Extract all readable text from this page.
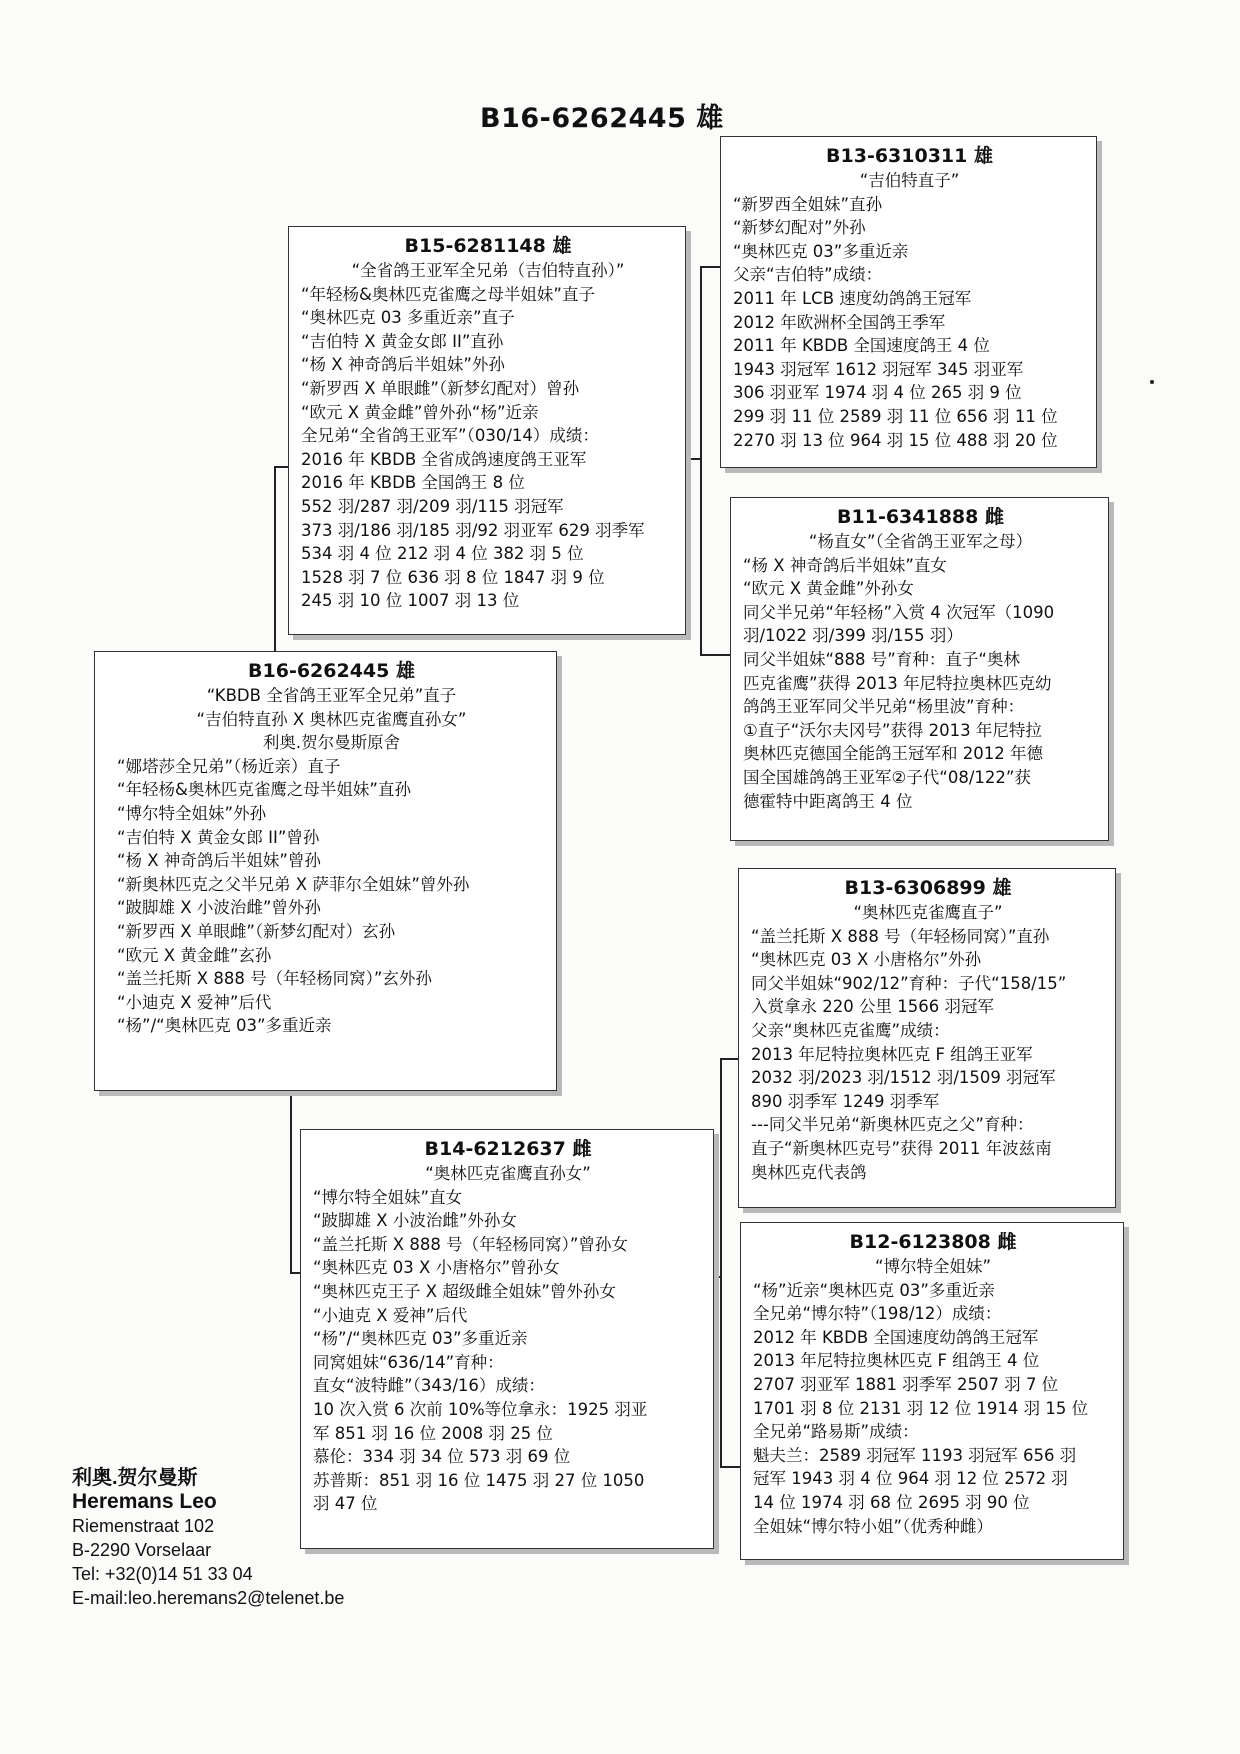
B16-6262445 雄
B16-6262445 雄
“KBDB 全省鸽王亚军全兄弟”直子
“吉伯特直孙 X 奥林匹克雀鹰直孙女”
利奥.贺尔曼斯原舍
“娜塔莎全兄弟”（杨近亲）直子
“年轻杨&奥林匹克雀鹰之母半姐妹”直孙
“博尔特全姐妹”外孙
“吉伯特 X 黄金女郎 II”曾孙
“杨 X 神奇鸽后半姐妹”曾孙
“新奥林匹克之父半兄弟 X 萨菲尔全姐妹”曾外孙
“跛脚雄 X 小波治雌”曾外孙
“新罗西 X 单眼雌”（新梦幻配对）玄孙
“欧元 X 黄金雌”玄孙
“盖兰托斯 X 888 号（年轻杨同窝）”玄外孙
“小迪克 X 爱神”后代
“杨”/“奥林匹克 03”多重近亲
B15-6281148 雄
“全省鸽王亚军全兄弟（吉伯特直孙）”
“年轻杨&奥林匹克雀鹰之母半姐妹”直子
“奥林匹克 03 多重近亲”直子
“吉伯特 X 黄金女郎 II”直孙
“杨 X 神奇鸽后半姐妹”外孙
“新罗西 X 单眼雌”（新梦幻配对）曾孙
“欧元 X 黄金雌”曾外孙“杨”近亲
全兄弟“全省鸽王亚军”（030/14）成绩：
2016 年 KBDB 全省成鸽速度鸽王亚军
2016 年 KBDB 全国鸽王 8 位
552 羽/287 羽/209 羽/115 羽冠军
373 羽/186 羽/185 羽/92 羽亚军 629 羽季军
534 羽 4 位 212 羽 4 位 382 羽 5 位
1528 羽 7 位 636 羽 8 位 1847 羽 9 位
245 羽 10 位 1007 羽 13 位
B14-6212637 雌
“奥林匹克雀鹰直孙女”
“博尔特全姐妹”直女
“跛脚雄 X 小波治雌”外孙女
“盖兰托斯 X 888 号（年轻杨同窝）”曾孙女
“奥林匹克 03 X 小唐格尔”曾孙女
“奥林匹克王子 X 超级雌全姐妹”曾外孙女
“小迪克 X 爱神”后代
“杨”/“奥林匹克 03”多重近亲
同窝姐妹“636/14”育种：
直女“波特雌”（343/16）成绩：
10 次入赏 6 次前 10%等位拿永：1925 羽亚
军 851 羽 16 位 2008 羽 25 位
慕伦：334 羽 34 位 573 羽 69 位
苏普斯：851 羽 16 位 1475 羽 27 位 1050
羽 47 位
B13-6310311 雄
“吉伯特直子”
“新罗西全姐妹”直孙
“新梦幻配对”外孙
“奥林匹克 03”多重近亲
父亲“吉伯特”成绩：
2011 年 LCB 速度幼鸽鸽王冠军
2012 年欧洲杯全国鸽王季军
2011 年 KBDB 全国速度鸽王 4 位
1943 羽冠军 1612 羽冠军 345 羽亚军
306 羽亚军 1974 羽 4 位 265 羽 9 位
299 羽 11 位 2589 羽 11 位 656 羽 11 位
2270 羽 13 位 964 羽 15 位 488 羽 20 位
B11-6341888 雌
“杨直女”（全省鸽王亚军之母）
“杨 X 神奇鸽后半姐妹”直女
“欧元 X 黄金雌”外孙女
同父半兄弟“年轻杨”入赏 4 次冠军（1090
羽/1022 羽/399 羽/155 羽）
同父半姐妹“888 号”育种：直子“奥林
匹克雀鹰”获得 2013 年尼特拉奥林匹克幼
鸽鸽王亚军同父半兄弟“杨里波”育种：
①直子“沃尔夫冈号”获得 2013 年尼特拉
奥林匹克德国全能鸽王冠军和 2012 年德
国全国雄鸽鸽王亚军②子代“08/122”获
德霍特中距离鸽王 4 位
B13-6306899 雄
“奥林匹克雀鹰直子”
“盖兰托斯 X 888 号（年轻杨同窝）”直孙
“奥林匹克 03 X 小唐格尔”外孙
同父半姐妹“902/12”育种：子代“158/15”
入赏拿永 220 公里 1566 羽冠军
父亲“奥林匹克雀鹰”成绩：
2013 年尼特拉奥林匹克 F 组鸽王亚军
2032 羽/2023 羽/1512 羽/1509 羽冠军
890 羽季军 1249 羽季军
---同父半兄弟“新奥林匹克之父”育种：
直子“新奥林匹克号”获得 2011 年波兹南
奥林匹克代表鸽
B12-6123808 雌
“博尔特全姐妹”
“杨”近亲“奥林匹克 03”多重近亲
全兄弟“博尔特”（198/12）成绩：
2012 年 KBDB 全国速度幼鸽鸽王冠军
2013 年尼特拉奥林匹克 F 组鸽王 4 位
2707 羽亚军 1881 羽季军 2507 羽 7 位
1701 羽 8 位 2131 羽 12 位 1914 羽 15 位
全兄弟“路易斯”成绩：
魁夫兰：2589 羽冠军 1193 羽冠军 656 羽
冠军 1943 羽 4 位 964 羽 12 位 2572 羽
14 位 1974 羽 68 位 2695 羽 90 位
全姐妹“博尔特小姐”（优秀种雌）
利奥.贺尔曼斯
Heremans Leo
Riemenstraat 102
B-2290 Vorselaar
Tel: +32(0)14 51 33 04
E-mail:leo.heremans2@telenet.be
